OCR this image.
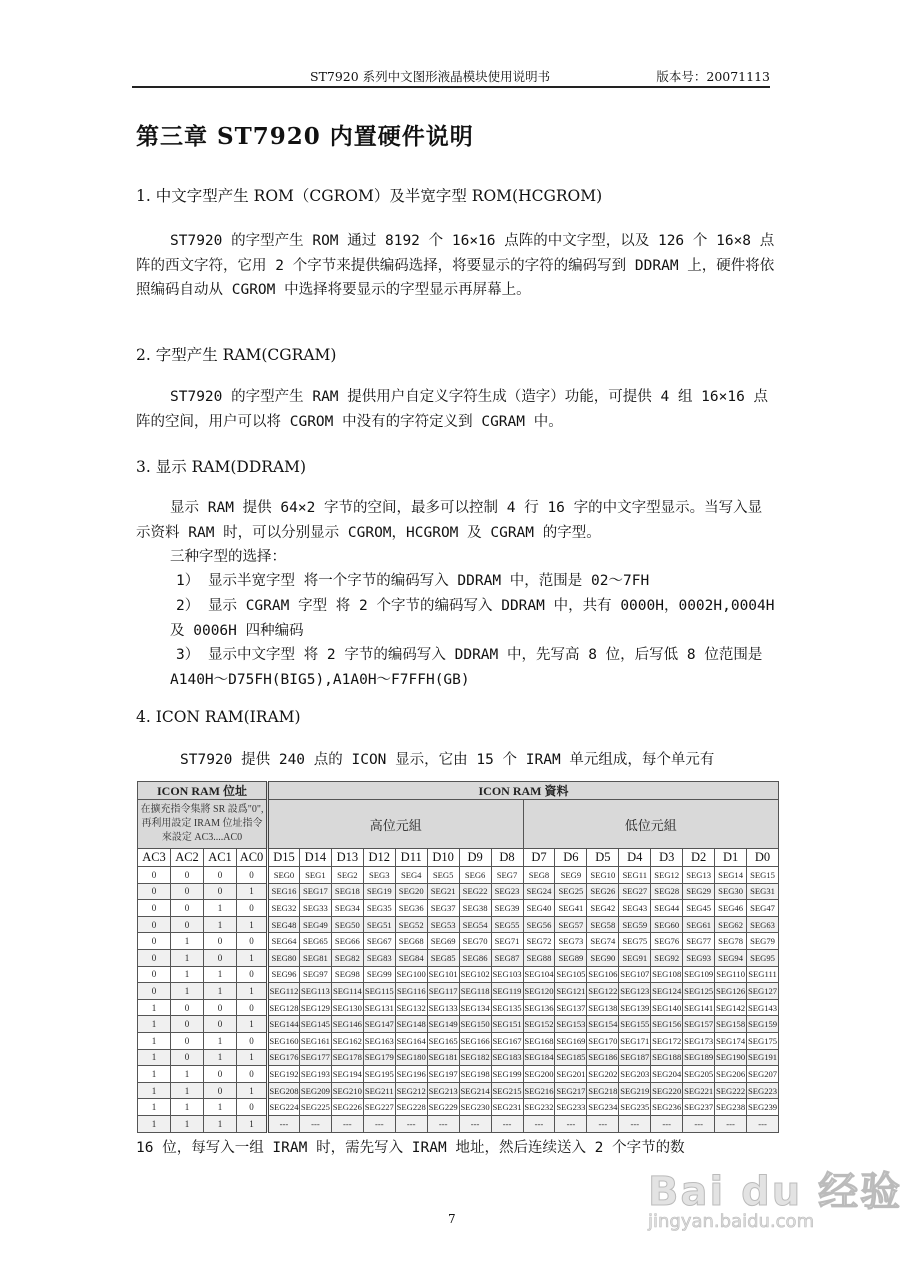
ST7920 系列中文图形液晶模块使用说明书	版本号：20071113
第三章 ST7920 内置硬件说明
1. 中文字型产生 ROM（CGROM）及半宽字型 ROM(HCGROM)
ST7920 的字型产生 ROM 通过 8192 个 16×16 点阵的中文字型，以及 126 个 16×8 点阵的西文字符，它用 2 个字节来提供编码选择，将要显示的字符的编码写到 DDRAM 上，硬件将依照编码自动从 CGROM 中选择将要显示的字型显示再屏幕上。
2. 字型产生 RAM(CGRAM)
ST7920 的字型产生 RAM 提供用户自定义字符生成（造字）功能，可提供 4 组 16×16 点阵的空间，用户可以将 CGROM 中没有的字符定义到 CGRAM 中。
3. 显示 RAM(DDRAM)
显示 RAM 提供 64×2 字节的空间，最多可以控制 4 行 16 字的中文字型显示。当写入显示资料 RAM 时，可以分别显示 CGROM，HCGROM 及 CGRAM 的字型。
三种字型的选择：
1） 显示半宽字型 将一个字节的编码写入 DDRAM 中，范围是 02～7FH
2） 显示 CGRAM 字型 将 2 个字节的编码写入 DDRAM 中，共有 0000H，0002H,0004H 及 0006H 四种编码
3） 显示中文字型 将 2 字节的编码写入 DDRAM 中，先写高 8 位，后写低 8 位范围是 A140H～D75FH(BIG5),A1A0H～F7FFH(GB)
4. ICON RAM(IRAM)
ST7920 提供 240 点的 ICON 显示，它由 15 个 IRAM 单元组成，每个单元有
ICON RAM 位址				ICON RAM 資料															
在擴充指令集將 SR 設爲"0",再利用設定 IRAM 位址指令來設定 AC3....AC0				高位元組								低位元組							
AC3	AC2	AC1	AC0	D15	D14	D13	D12	D11	D10	D9	D8	D7	D6	D5	D4	D3	D2	D1	D0
0	0	0	0	SEG0	SEG1	SEG2	SEG3	SEG4	SEG5	SEG6	SEG7	SEG8	SEG9	SEG10	SEG11	SEG12	SEG13	SEG14	SEG15
0	0	0	1	SEG16	SEG17	SEG18	SEG19	SEG20	SEG21	SEG22	SEG23	SEG24	SEG25	SEG26	SEG27	SEG28	SEG29	SEG30	SEG31
0	0	1	0	SEG32	SEG33	SEG34	SEG35	SEG36	SEG37	SEG38	SEG39	SEG40	SEG41	SEG42	SEG43	SEG44	SEG45	SEG46	SEG47
0	0	1	1	SEG48	SEG49	SEG50	SEG51	SEG52	SEG53	SEG54	SEG55	SEG56	SEG57	SEG58	SEG59	SEG60	SEG61	SEG62	SEG63
0	1	0	0	SEG64	SEG65	SEG66	SEG67	SEG68	SEG69	SEG70	SEG71	SEG72	SEG73	SEG74	SEG75	SEG76	SEG77	SEG78	SEG79
0	1	0	1	SEG80	SEG81	SEG82	SEG83	SEG84	SEG85	SEG86	SEG87	SEG88	SEG89	SEG90	SEG91	SEG92	SEG93	SEG94	SEG95
0	1	1	0	SEG96	SEG97	SEG98	SEG99	SEG100	SEG101	SEG102	SEG103	SEG104	SEG105	SEG106	SEG107	SEG108	SEG109	SEG110	SEG111
0	1	1	1	SEG112	SEG113	SEG114	SEG115	SEG116	SEG117	SEG118	SEG119	SEG120	SEG121	SEG122	SEG123	SEG124	SEG125	SEG126	SEG127
1	0	0	0	SEG128	SEG129	SEG130	SEG131	SEG132	SEG133	SEG134	SEG135	SEG136	SEG137	SEG138	SEG139	SEG140	SEG141	SEG142	SEG143
1	0	0	1	SEG144	SEG145	SEG146	SEG147	SEG148	SEG149	SEG150	SEG151	SEG152	SEG153	SEG154	SEG155	SEG156	SEG157	SEG158	SEG159
1	0	1	0	SEG160	SEG161	SEG162	SEG163	SEG164	SEG165	SEG166	SEG167	SEG168	SEG169	SEG170	SEG171	SEG172	SEG173	SEG174	SEG175
1	0	1	1	SEG176	SEG177	SEG178	SEG179	SEG180	SEG181	SEG182	SEG183	SEG184	SEG185	SEG186	SEG187	SEG188	SEG189	SEG190	SEG191
1	1	0	0	SEG192	SEG193	SEG194	SEG195	SEG196	SEG197	SEG198	SEG199	SEG200	SEG201	SEG202	SEG203	SEG204	SEG205	SEG206	SEG207
1	1	0	1	SEG208	SEG209	SEG210	SEG211	SEG212	SEG213	SEG214	SEG215	SEG216	SEG217	SEG218	SEG219	SEG220	SEG221	SEG222	SEG223
1	1	1	0	SEG224	SEG225	SEG226	SEG227	SEG228	SEG229	SEG230	SEG231	SEG232	SEG233	SEG234	SEG235	SEG236	SEG237	SEG238	SEG239
1	1	1	1	---	---	---	---	---	---	---	---	---	---	---	---	---	---	---	---
16 位，每写入一组 IRAM 时，需先写入 IRAM 地址，然后连续送入 2 个字节的数
7
Bai du 经验
jingyan.baidu.com
